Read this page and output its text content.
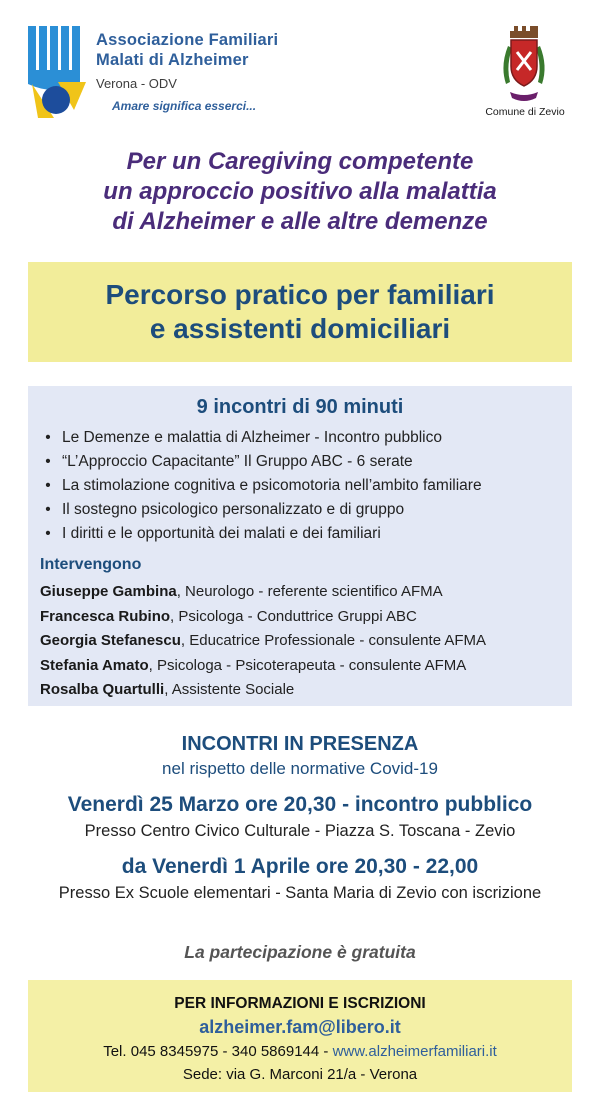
Associazione Familiari
Malati di Alzheimer
Verona - ODV
Amare significa esserci...	Comune di Zevio
Per un Caregiving competente
un approccio positivo alla malattia
di Alzheimer e alle altre demenze
Percorso pratico per familiari
e assistenti domiciliari
9 incontri di 90 minuti
• Le Demenze e malattia di Alzheimer - Incontro pubblico
• “L’Approccio Capacitante” Il Gruppo ABC - 6 serate
• La stimolazione cognitiva e psicomotoria nell’ambito familiare
• Il sostegno psicologico personalizzato e di gruppo
• I diritti e le opportunità dei malati e dei familiari
Intervengono
Giuseppe Gambina, Neurologo - referente scientifico AFMA
Francesca Rubino, Psicologa - Conduttrice Gruppi ABC
Georgia Stefanescu, Educatrice Professionale - consulente AFMA
Stefania Amato, Psicologa - Psicoterapeuta - consulente AFMA
Rosalba Quartulli, Assistente Sociale
INCONTRI IN PRESENZA
nel rispetto delle normative Covid-19
Venerdì 25 Marzo ore 20,30 - incontro pubblico
Presso Centro Civico Culturale - Piazza S. Toscana - Zevio
da Venerdì 1 Aprile ore 20,30 - 22,00
Presso Ex Scuole elementari - Santa Maria di Zevio con iscrizione
La partecipazione è gratuita
PER INFORMAZIONI E ISCRIZIONI
alzheimer.fam@libero.it
Tel. 045 8345975 - 340 5869144 - www.alzheimerfamiliari.it
Sede: via G. Marconi 21/a - Verona
